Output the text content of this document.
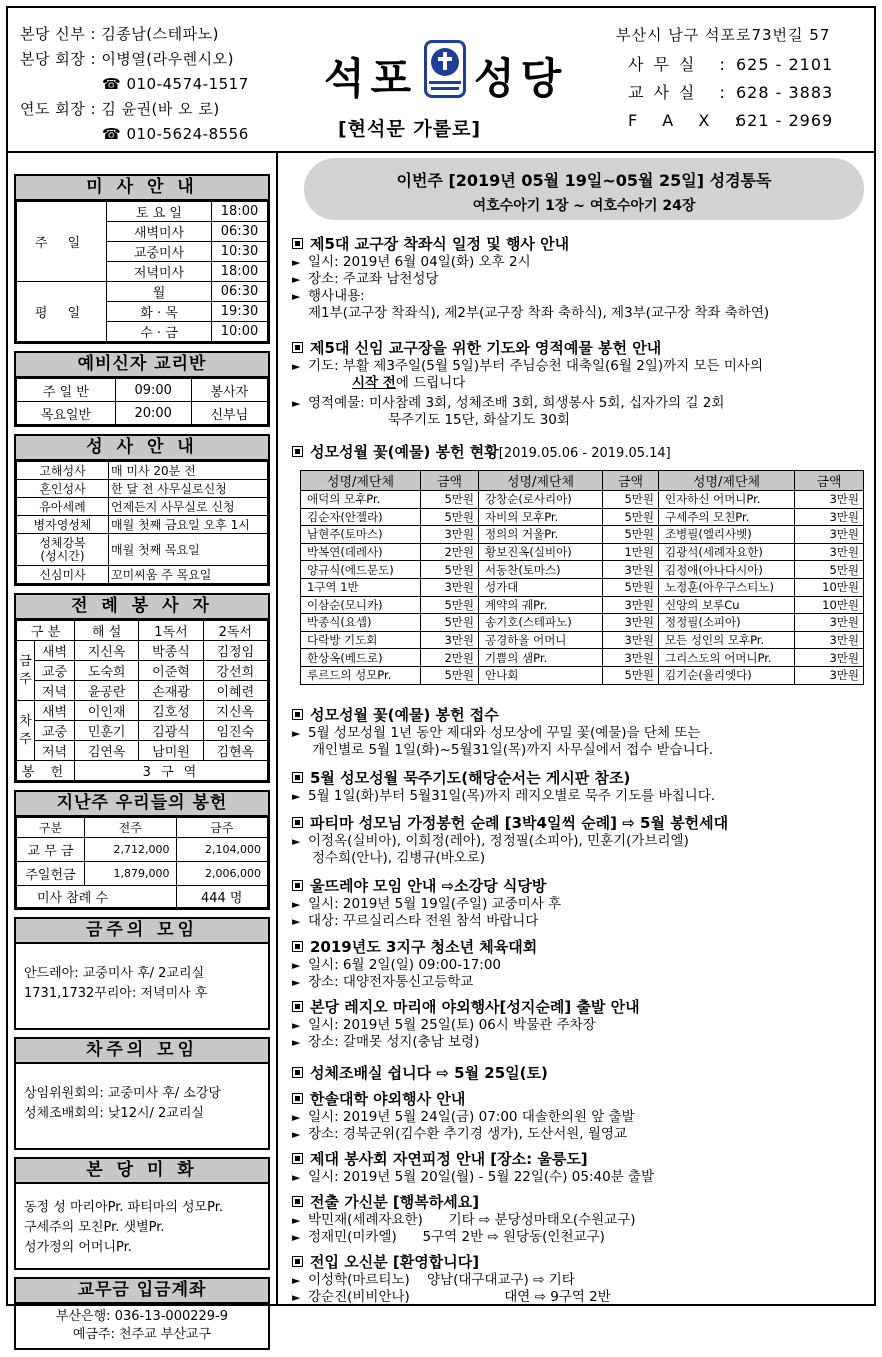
본당 신부 : 김종남(스테파노)
본당 회장 : 이병열(라우렌시오)
☎ 010-4574-1517
연도 회장 : 김 윤권(바 오 로)
☎ 010-5624-8556
석포 성당
[현석문 가롤로]
부산시 남구 석포로73번길 57
사무실 :625 - 2101
교사실 :628 - 3883
F A X :621 - 2969
미 사 안 내
주 일	토 요 일	18:00
	새벽미사	06:30
	교중미사	10:30
	저녁미사	18:00
평 일	월	06:30
	화 · 목	19:30
	수 · 금	10:00
예비신자 교리반
주 일 반	09:00	봉사자
목요일반	20:00	신부님
성 사 안 내
고해성사	매 미사 20분 전
혼인성사	한 달 전 사무실로신청
유아세례	언제든지 사무실로 신청
병자영성체	매월 첫째 금요일 오후 1시
성체강복
(성시간)	매월 첫째 목요일
신심미사	꼬미씨움 주 목요일
전 례 봉 사 자
구 분		해 설	1독서	2독서
금
주	새벽	지신옥	박종식	김정임
	교중	도숙희	이준혁	강선희
	저녁	윤공란	손재광	이혜련
차
주	새벽	이인재	김호성	지신옥
	교중	민훈기	김광식	임진숙
	저녁	김연옥	남미원	김현옥
봉 헌		3 구 역		
지난주 우리들의 봉헌
구분	전주	금주
교 무 금	2,712,000	2,104,000
주일헌금	1,879,000	2,006,000
미사 참례 수		444 명
금주의 모임
안드레아: 교중미사 후/ 2교리실
1731,1732꾸리아: 저녁미사 후
차주의 모임
상임위원회의: 교중미사 후/ 소강당
성체조배회의: 낮12시/ 2교리실
본 당 미 화
동정 성 마리아Pr. 파티마의 성모Pr.
구세주의 모친Pr. 샛별Pr.
성가정의 어머니Pr.
교무금 입금계좌
부산은행: 036-13-000229-9
예금주: 천주교 부산교구
이번주 [2019년 05월 19일~05월 25일] 성경통독
여호수아기 1장 ~ 여호수아기 24장
제5대 교구장 착좌식 일정 및 행사 안내
► 일시: 2019년 6월 04일(화) 오후 2시
► 장소: 주교좌 남천성당
► 행사내용:
제1부(교구장 착좌식), 제2부(교구장 착좌 축하식), 제3부(교구장 착좌 축하연)
제5대 신임 교구장을 위한 기도와 영적예물 봉헌 안내
► 기도: 부활 제3주일(5월 5일)부터 주님승천 대축일(6월 2일)까지 모든 미사의
시작 전에 드립니다
► 영적예물: 미사참례 3회, 성체조배 3회, 희생봉사 5회, 십자가의 길 2회
묵주기도 15단, 화살기도 30회
성모성월 꽃(예물) 봉헌 현황[2019.05.06 - 2019.05.14]
성명/제단체	금액	성명/제단체	금액	성명/제단체	금액
애덕의 모후Pr.	5만원	강창순(로사리아)	5만원	인자하신 어머니Pr.	3만원
김순자(안젤라)	5만원	자비의 모후Pr.	5만원	구세주의 모친Pr.	3만원
남현주(토마스)	3만원	정의의 거울Pr.	5만원	조병필(엘리사벳)	3만원
박복연(데레사)	2만원	황보진옥(실비아)	1만원	김광석(세례자요한)	3만원
양규식(에드문도)	5만원	서동찬(토마스)	3만원	김정애(아나다시아)	5만원
1구역 1반	3만원	성가대	5만원	노정훈(아우구스티노)	10만원
이삼순(모니카)	5만원	계약의 궤Pr.	3만원	신앙의 보루Cu	10만원
박종식(요셉)	5만원	송기호(스테파노)	3만원	정정필(소피아)	3만원
다락방 기도회	3만원	공경하올 어머니	3만원	모든 성인의 모후Pr.	3만원
한상옥(베드로)	2만원	기쁨의 샘Pr.	3만원	그리스도의 어머니Pr.	3만원
루르드의 성모Pr.	5만원	안나회	5만원	김기순(율리엣다)	3만원
성모성월 꽃(예물) 봉헌 접수
► 5월 성모성월 1년 동안 제대와 성모상에 꾸밀 꽃(예물)을 단체 또는
개인별로 5월 1일(화)~5월31일(목)까지 사무실에서 접수 받습니다.
5월 성모성월 묵주기도(해당순서는 게시판 참조)
► 5월 1일(화)부터 5월31일(목)까지 레지오별로 묵주 기도를 바칩니다.
파티마 성모님 가정봉헌 순례 [3박4일씩 순례] ⇨ 5월 봉헌세대
► 이정옥(실비아), 이희정(레아), 정정필(소피아), 민훈기(가브리엘)
정수희(안나), 김병규(바오로)
울뜨레야 모임 안내 ⇨소강당 식당방
► 일시: 2019년 5월 19일(주일) 교중미사 후
► 대상: 꾸르실리스타 전원 참석 바랍니다
2019년도 3지구 청소년 체육대회
► 일시: 6월 2일(일) 09:00-17:00
► 장소: 대양전자통신고등학교
본당 레지오 마리애 야외행사[성지순례] 출발 안내
► 일시: 2019년 5월 25일(토) 06시 박물관 주차장
► 장소: 갈매못 성지(충남 보령)
성체조배실 쉽니다 ⇨ 5월 25일(토)
한솔대학 야외행사 안내
► 일시: 2019년 5월 24일(금) 07:00 대솔한의원 앞 출발
► 장소: 경북군위(김수환 추기경 생가), 도산서원, 월영교
제대 봉사회 자연피정 안내 [장소: 울릉도]
► 일시: 2019년 5월 20일(월) - 5월 22일(수) 05:40분 출발
전출 가신분 [행복하세요]
► 박민재(세례자요한)      기타 ⇨ 분당성마태오(수원교구)
► 정재민(미카엘)      5구역 2반 ⇨ 원당동(인천교구)
전입 오신분 [환영합니다]
► 이성학(마르티노)    양남(대구대교구) ⇨ 기타
► 강순진(비비안나)                      대연 ⇨ 9구역 2반
